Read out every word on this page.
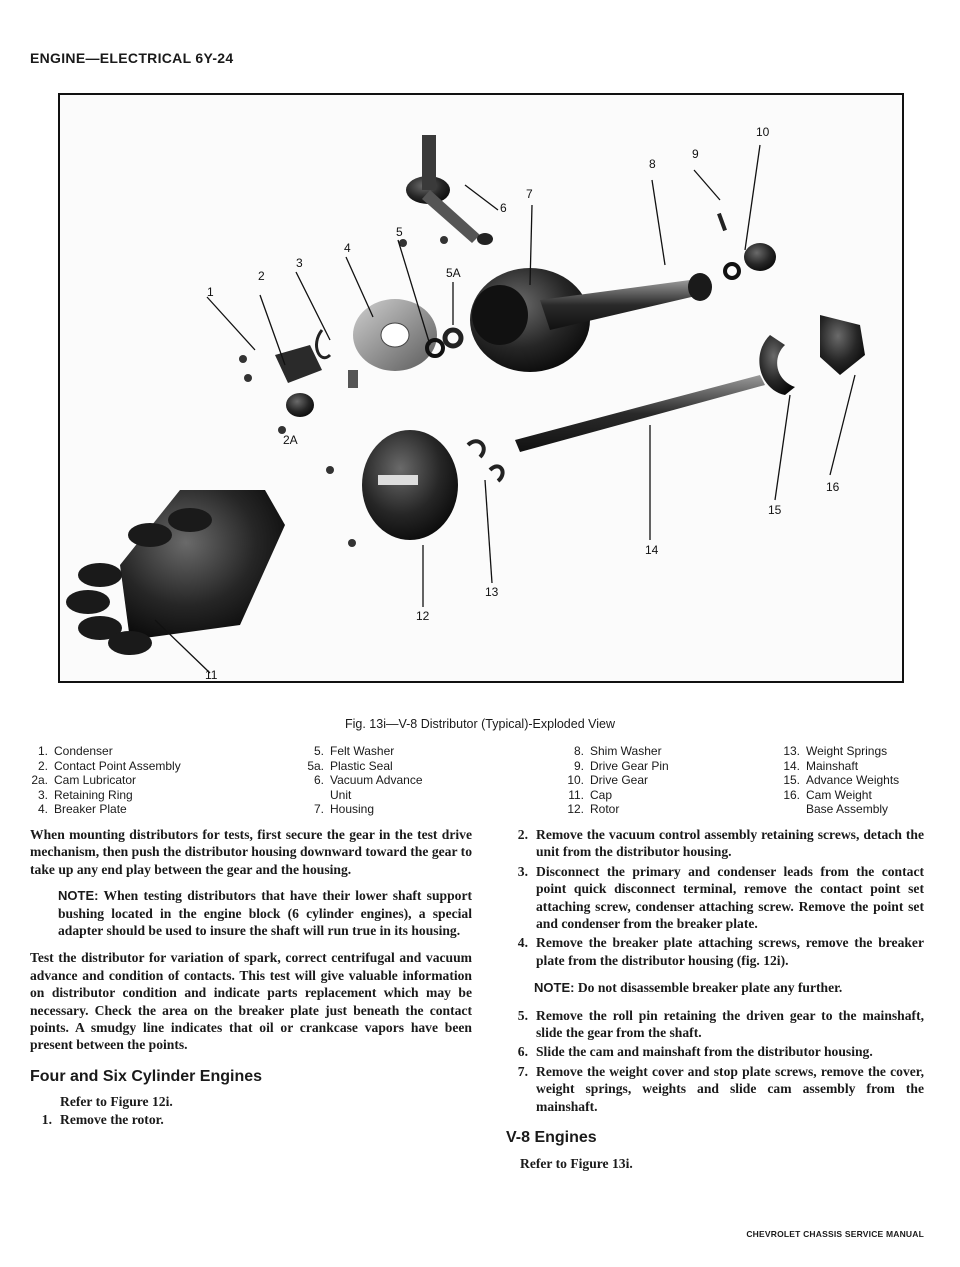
ENGINE—ELECTRICAL 6Y-24
1
2
2A
3
4
5
5A
6
7
8
9
10
11
12
13
14
15
16
Fig. 13i—V-8 Distributor (Typical)-Exploded View
1. Condenser
2. Contact Point Assembly
2a. Cam Lubricator
3. Retaining Ring
4. Breaker Plate
5. Felt Washer
5a. Plastic Seal
6. Vacuum Advance
Unit
7. Housing
8. Shim Washer
9. Drive Gear Pin
10. Drive Gear
11. Cap
12. Rotor
13. Weight Springs
14. Mainshaft
15. Advance Weights
16. Cam Weight
Base Assembly

When mounting distributors for tests, first secure the gear in the test drive mechanism, then push the distributor housing downward toward the gear to take up any end play between the gear and the housing.

NOTE: When testing distributors that have their lower shaft support bushing located in the engine block (6 cylinder engines), a special adapter should be used to insure the shaft will run true in its housing.

Test the distributor for variation of spark, correct centrifugal and vacuum advance and condition of contacts. This test will give valuable information on distributor condition and indicate parts replacement which may be necessary. Check the area on the breaker plate just beneath the contact points. A smudgy line indicates that oil or crankcase vapors have been present between the points.

Four and Six Cylinder Engines
Refer to Figure 12i.
1. Remove the rotor.
2. Remove the vacuum control assembly retaining screws, detach the unit from the distributor housing.
3. Disconnect the primary and condenser leads from the contact point quick disconnect terminal, remove the contact point set attaching screw, condenser attaching screw. Remove the point set and condenser from the breaker plate.
4. Remove the breaker plate attaching screws, remove the breaker plate from the distributor housing (fig. 12i).

NOTE: Do not disassemble breaker plate any further.

5. Remove the roll pin retaining the driven gear to the mainshaft, slide the gear from the shaft.
6. Slide the cam and mainshaft from the distributor housing.
7. Remove the weight cover and stop plate screws, remove the cover, weight springs, weights and slide cam assembly from the mainshaft.
V-8 Engines
Refer to Figure 13i.
CHEVROLET CHASSIS SERVICE MANUAL
